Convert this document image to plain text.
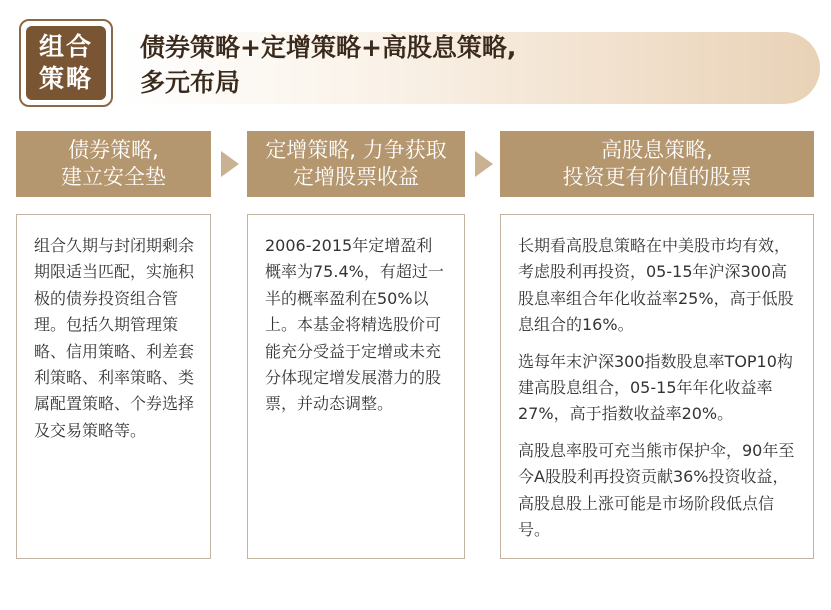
组合
策略
债券策略+定增策略+高股息策略,
多元布局
债券策略,
建立安全垫
定增策略, 力争获取
定增股票收益
高股息策略,
投资更有价值的股票

组合久期与封闭期剩余期限适当匹配，实施积极的债券投资组合管理。包括久期管理策略、信用策略、利差套利策略、利率策略、类属配置策略、个券选择及交易策略等。

2006-2015年定增盈利概率为75.4%，有超过一半的概率盈利在50%以上。本基金将精选股价可能充分受益于定增或未充分体现定增发展潜力的股票，并动态调整。

长期看高股息策略在中美股市均有效，考虑股利再投资，05-15年沪深300高股息率组合年化收益率25%，高于低股息组合的16%。

选每年末沪深300指数股息率TOP10构建高股息组合，05-15年年化收益率27%，高于指数收益率20%。

高股息率股可充当熊市保护伞，90年至今A股股利再投资贡献36%投资收益，高股息股上涨可能是市场阶段低点信号。
